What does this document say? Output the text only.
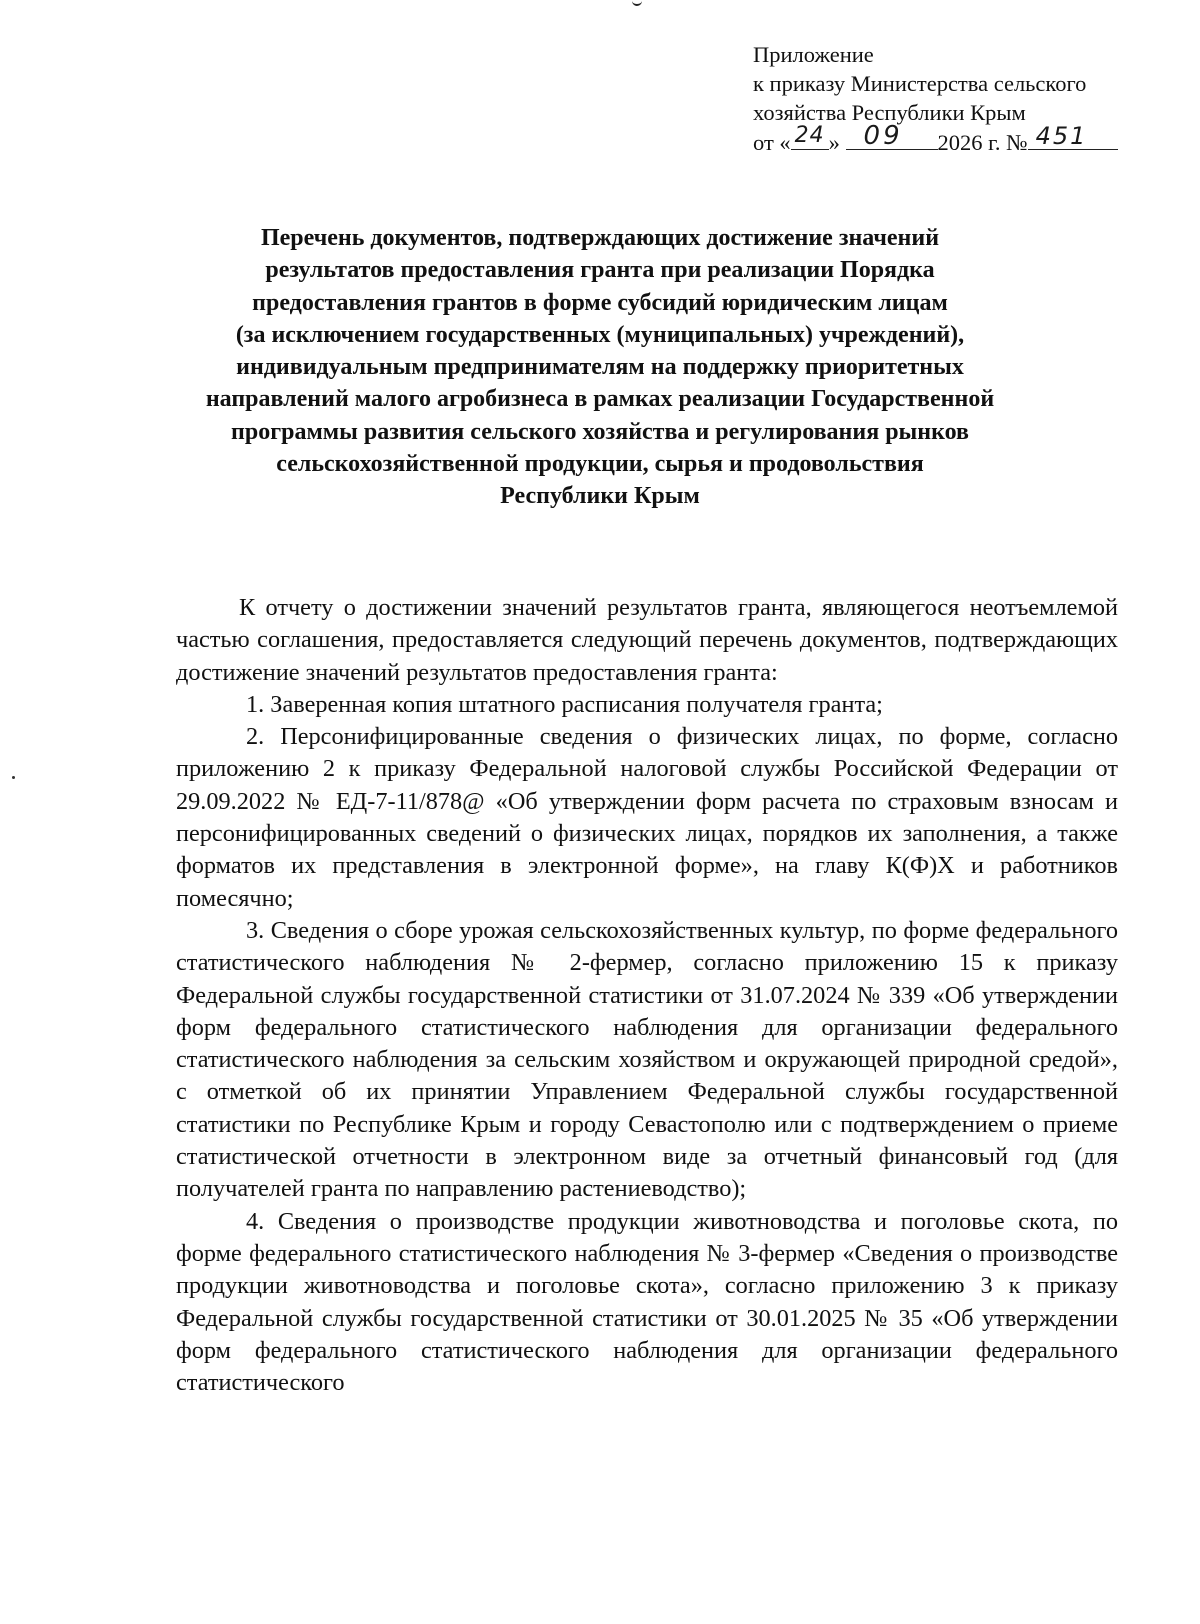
Приложение
к приказу Министерства сельского
хозяйства Республики Крым
от « 24 » 09	2026 г. № 451
Перечень документов, подтверждающих достижение значений
результатов предоставления гранта при реализации Порядка
предоставления грантов в форме субсидий юридическим лицам
(за исключением государственных (муниципальных) учреждений),
индивидуальным предпринимателям на поддержку приоритетных
направлений малого агробизнеса в рамках реализации Государственной
программы развития сельского хозяйства и регулирования рынков
сельскохозяйственной продукции, сырья и продовольствия
Республики Крым

К отчету о достижении значений результатов гранта, являющегося неотъемлемой частью соглашения, предоставляется следующий перечень документов, подтверждающих достижение значений результатов предоставления гранта:

1. Заверенная копия штатного расписания получателя гранта;

2. Персонифицированные сведения о физических лицах, по форме, согласно приложению 2 к приказу Федеральной налоговой службы Российской Федерации от 29.09.2022 № ЕД-7-11/878@ «Об утверждении форм расчета по страховым взносам и персонифицированных сведений о физических лицах, порядков их заполнения, а также форматов их представления в электронной форме», на главу К(Ф)Х и работников помесячно;

3. Сведения о сборе урожая сельскохозяйственных культур, по форме федерального статистического наблюдения № 2-фермер, согласно приложению 15 к приказу Федеральной службы государственной статистики от 31.07.2024 № 339 «Об утверждении форм федерального статистического наблюдения для организации федерального статистического наблюдения за сельским хозяйством и окружающей природной средой», с отметкой об их принятии Управлением Федеральной службы государственной статистики по Республике Крым и городу Севастополю или с подтверждением о приеме статистической отчетности в электронном виде за отчетный финансовый год (для получателей гранта по направлению растениеводство);

4. Сведения о производстве продукции животноводства и поголовье скота, по форме федерального статистического наблюдения № 3-фермер «Сведения о производстве продукции животноводства и поголовье скота», согласно приложению 3 к приказу Федеральной службы государственной статистики от 30.01.2025 № 35 «Об утверждении форм федерального статистического наблюдения для организации федерального статистического
